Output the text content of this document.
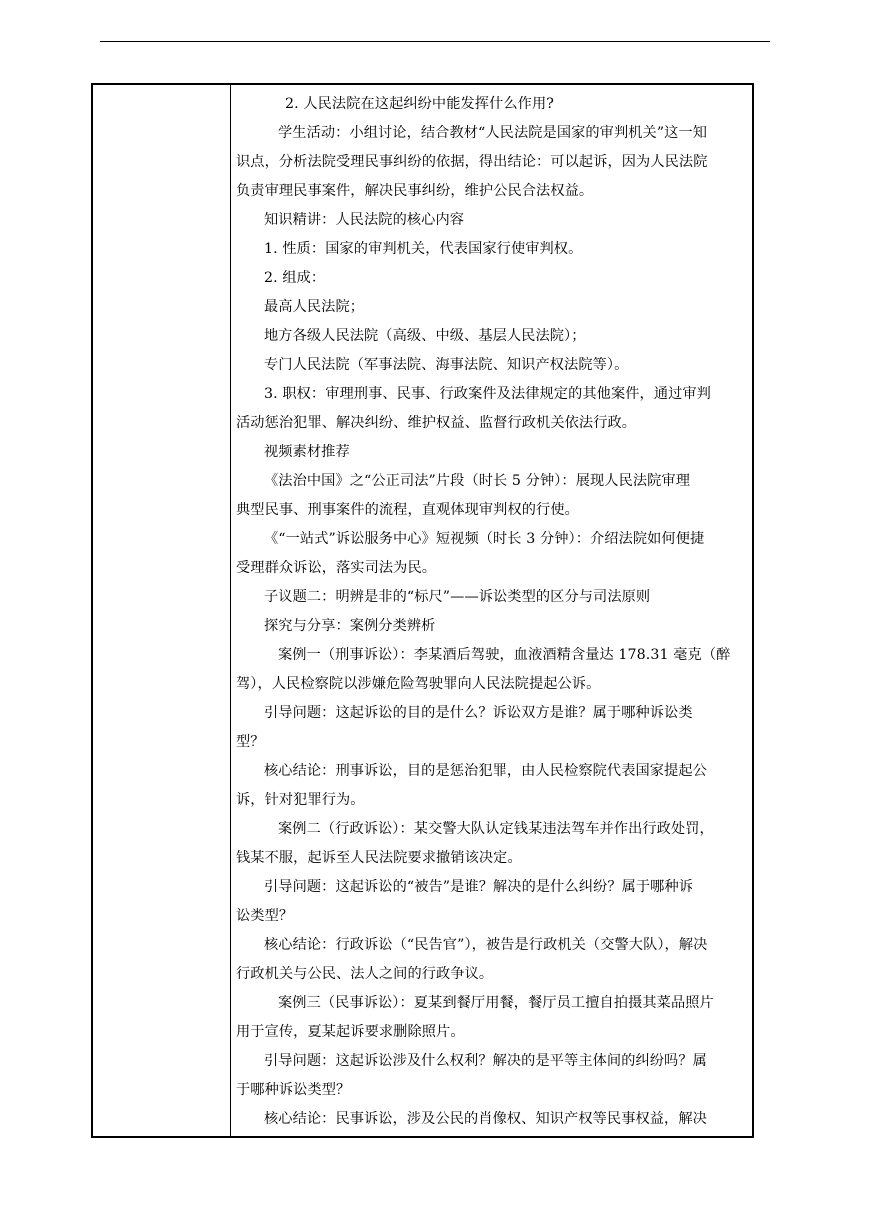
2. 人民法院在这起纠纷中能发挥什么作用?
学生活动：小组讨论，结合教材“人民法院是国家的审判机关”这一知
识点，分析法院受理民事纠纷的依据，得出结论：可以起诉，因为人民法院
负责审理民事案件，解决民事纠纷，维护公民合法权益。
知识精讲：人民法院的核心内容
1. 性质：国家的审判机关，代表国家行使审判权。
2. 组成：
最高人民法院；
地方各级人民法院（高级、中级、基层人民法院）；
专门人民法院（军事法院、海事法院、知识产权法院等）。
3. 职权：审理刑事、民事、行政案件及法律规定的其他案件，通过审判
活动惩治犯罪、解决纠纷、维护权益、监督行政机关依法行政。
视频素材推荐
《法治中国》之“公正司法”片段（时长 5 分钟）：展现人民法院审理
典型民事、刑事案件的流程，直观体现审判权的行使。
《“一站式”诉讼服务中心》短视频（时长 3 分钟）：介绍法院如何便捷
受理群众诉讼，落实司法为民。
子议题二：明辨是非的“标尺”——诉讼类型的区分与司法原则
探究与分享：案例分类辨析
案例一（刑事诉讼）：李某酒后驾驶，血液酒精含量达 178.31 毫克（醉
驾），人民检察院以涉嫌危险驾驶罪向人民法院提起公诉。
引导问题：这起诉讼的目的是什么？诉讼双方是谁？属于哪种诉讼类
型？
核心结论：刑事诉讼，目的是惩治犯罪，由人民检察院代表国家提起公
诉，针对犯罪行为。
案例二（行政诉讼）：某交警大队认定钱某违法驾车并作出行政处罚，
钱某不服，起诉至人民法院要求撤销该决定。
引导问题：这起诉讼的“被告”是谁？解决的是什么纠纷？属于哪种诉
讼类型？
核心结论：行政诉讼（“民告官”），被告是行政机关（交警大队），解决
行政机关与公民、法人之间的行政争议。
案例三（民事诉讼）：夏某到餐厅用餐，餐厅员工擅自拍摄其菜品照片
用于宣传，夏某起诉要求删除照片。
引导问题：这起诉讼涉及什么权利？解决的是平等主体间的纠纷吗？属
于哪种诉讼类型？
核心结论：民事诉讼，涉及公民的肖像权、知识产权等民事权益，解决
